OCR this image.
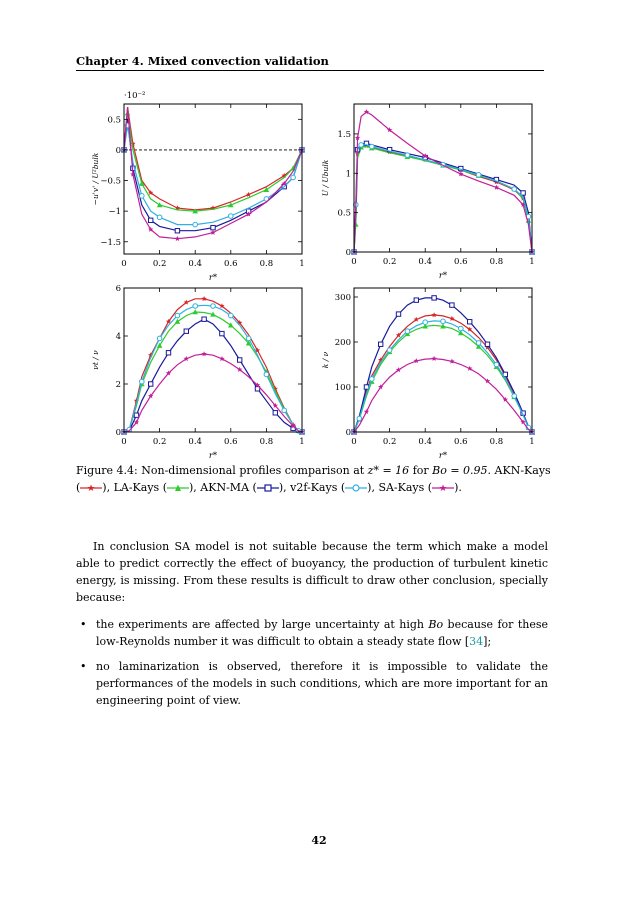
Chapter 4. Mixed convection validation
0	0.2	0.4	0.6	0.8	1
−1.5
−1
−0.5
0
0.5
r*
−u'v' / U²bulk
·10⁻²
0	0.2	0.4	0.6	0.8	1
0
0.5
1
1.5
r*
U / Ubulk
0	0.2	0.4	0.6	0.8	1
0
2
4
6
r*
νt / ν
0	0.2	0.4	0.6	0.8	1
0
100
200
300
r*
k / ν
Figure 4.4: Non-dimensional profiles comparison at z* = 16 for Bo = 0.95. AKN-Kays ( ), LA-Kays ( ), AKN-MA ( ), v2f-Kays ( ), SA-Kays ( ).

In conclusion SA model is not suitable because the term which make a model able to predict correctly the effect of buoyancy, the production of turbulent kinetic energy, is missing. From these results is difficult to draw other conclusion, specially because:

• the experiments are affected by large uncertainty at high Bo because for these low-Reynolds number it was difficult to obtain a steady state flow [34];
• no laminarization is observed, therefore it is impossible to validate the performances of the models in such conditions, which are more important for an engineering point of view.
42
